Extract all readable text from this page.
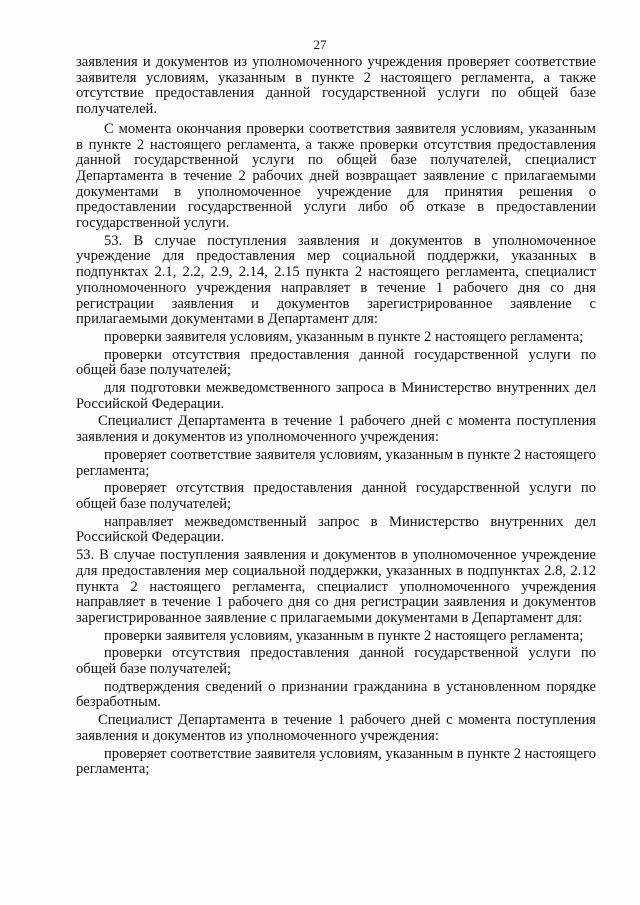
27

заявления и документов из уполномоченного учреждения проверяет соответствие заявителя условиям, указанным в пункте 2 настоящего регламента, а также отсутствие предоставления данной государственной услуги по общей базе получателей.

С момента окончания проверки соответствия заявителя условиям, указанным в пункте 2 настоящего регламента, а также проверки отсутствия предоставления данной государственной услуги по общей базе получателей, специалист Департамента в течение 2 рабочих дней возвращает заявление с прилагаемыми документами в уполномоченное учреждение для принятия решения о предоставлении государственной услуги либо об отказе в предоставлении государственной услуги.

53. В случае поступления заявления и документов в уполномоченное учреждение для предоставления мер социальной поддержки, указанных в подпунктах 2.1, 2.2, 2.9, 2.14, 2.15 пункта 2 настоящего регламента, специалист уполномоченного учреждения направляет в течение 1 рабочего дня со дня регистрации заявления и документов зарегистрированное заявление с прилагаемыми документами в Департамент для:

проверки заявителя условиям, указанным в пункте 2 настоящего регламента;

проверки отсутствия предоставления данной государственной услуги по общей базе получателей;

для подготовки межведомственного запроса в Министерство внутренних дел Российской Федерации.

Специалист Департамента в течение 1 рабочего дней с момента поступления заявления и документов из уполномоченного учреждения:

проверяет соответствие заявителя условиям, указанным в пункте 2 настоящего регламента;

проверяет отсутствия предоставления данной государственной услуги по общей базе получателей;

направляет межведомственный запрос в Министерство внутренних дел Российской Федерации.

53. В случае поступления заявления и документов в уполномоченное учреждение для предоставления мер социальной поддержки, указанных в подпунктах 2.8, 2.12 пункта 2 настоящего регламента, специалист уполномоченного учреждения направляет в течение 1 рабочего дня со дня регистрации заявления и документов зарегистрированное заявление с прилагаемыми документами в Департамент для:

проверки заявителя условиям, указанным в пункте 2 настоящего регламента;

проверки отсутствия предоставления данной государственной услуги по общей базе получателей;

подтверждения сведений о признании гражданина в установленном порядке безработным.

Специалист Департамента в течение 1 рабочего дней с момента поступления заявления и документов из уполномоченного учреждения:

проверяет соответствие заявителя условиям, указанным в пункте 2 настоящего регламента;
